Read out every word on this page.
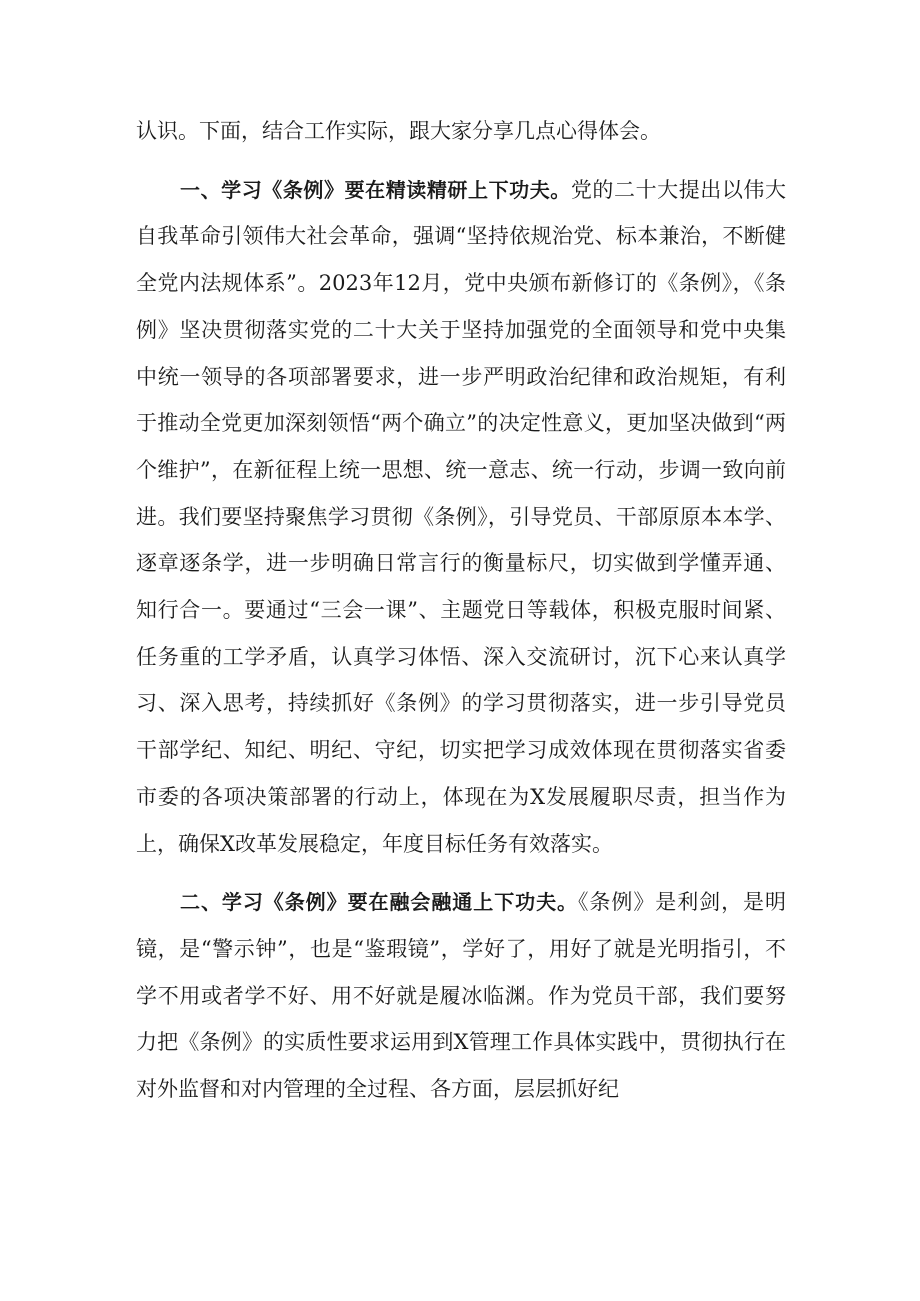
认识。下面，结合工作实际，跟大家分享几点心得体会。

一、学习《条例》要在精读精研上下功夫。党的二十大提出以伟大自我革命引领伟大社会革命，强调“坚持依规治党、标本兼治，不断健全党内法规体系”。2023年12月，党中央颁布新修订的《条例》，《条例》坚决贯彻落实党的二十大关于坚持加强党的全面领导和党中央集中统一领导的各项部署要求，进一步严明政治纪律和政治规矩，有利于推动全党更加深刻领悟“两个确立”的决定性意义，更加坚决做到“两个维护”，在新征程上统一思想、统一意志、统一行动，步调一致向前进。我们要坚持聚焦学习贯彻《条例》，引导党员、干部原原本本学、逐章逐条学，进一步明确日常言行的衡量标尺，切实做到学懂弄通、知行合一。要通过“三会一课”、主题党日等载体，积极克服时间紧、任务重的工学矛盾，认真学习体悟、深入交流研讨，沉下心来认真学习、深入思考，持续抓好《条例》的学习贯彻落实，进一步引导党员干部学纪、知纪、明纪、守纪，切实把学习成效体现在贯彻落实省委市委的各项决策部署的行动上，体现在为X发展履职尽责，担当作为上，确保X改革发展稳定，年度目标任务有效落实。

二、学习《条例》要在融会融通上下功夫。《条例》是利剑，是明镜，是“警示钟”，也是“鉴瑕镜”，学好了，用好了就是光明指引，不学不用或者学不好、用不好就是履冰临渊。作为党员干部，我们要努力把《条例》的实质性要求运用到X管理工作具体实践中，贯彻执行在对外监督和对内管理的全过程、各方面，层层抓好纪
